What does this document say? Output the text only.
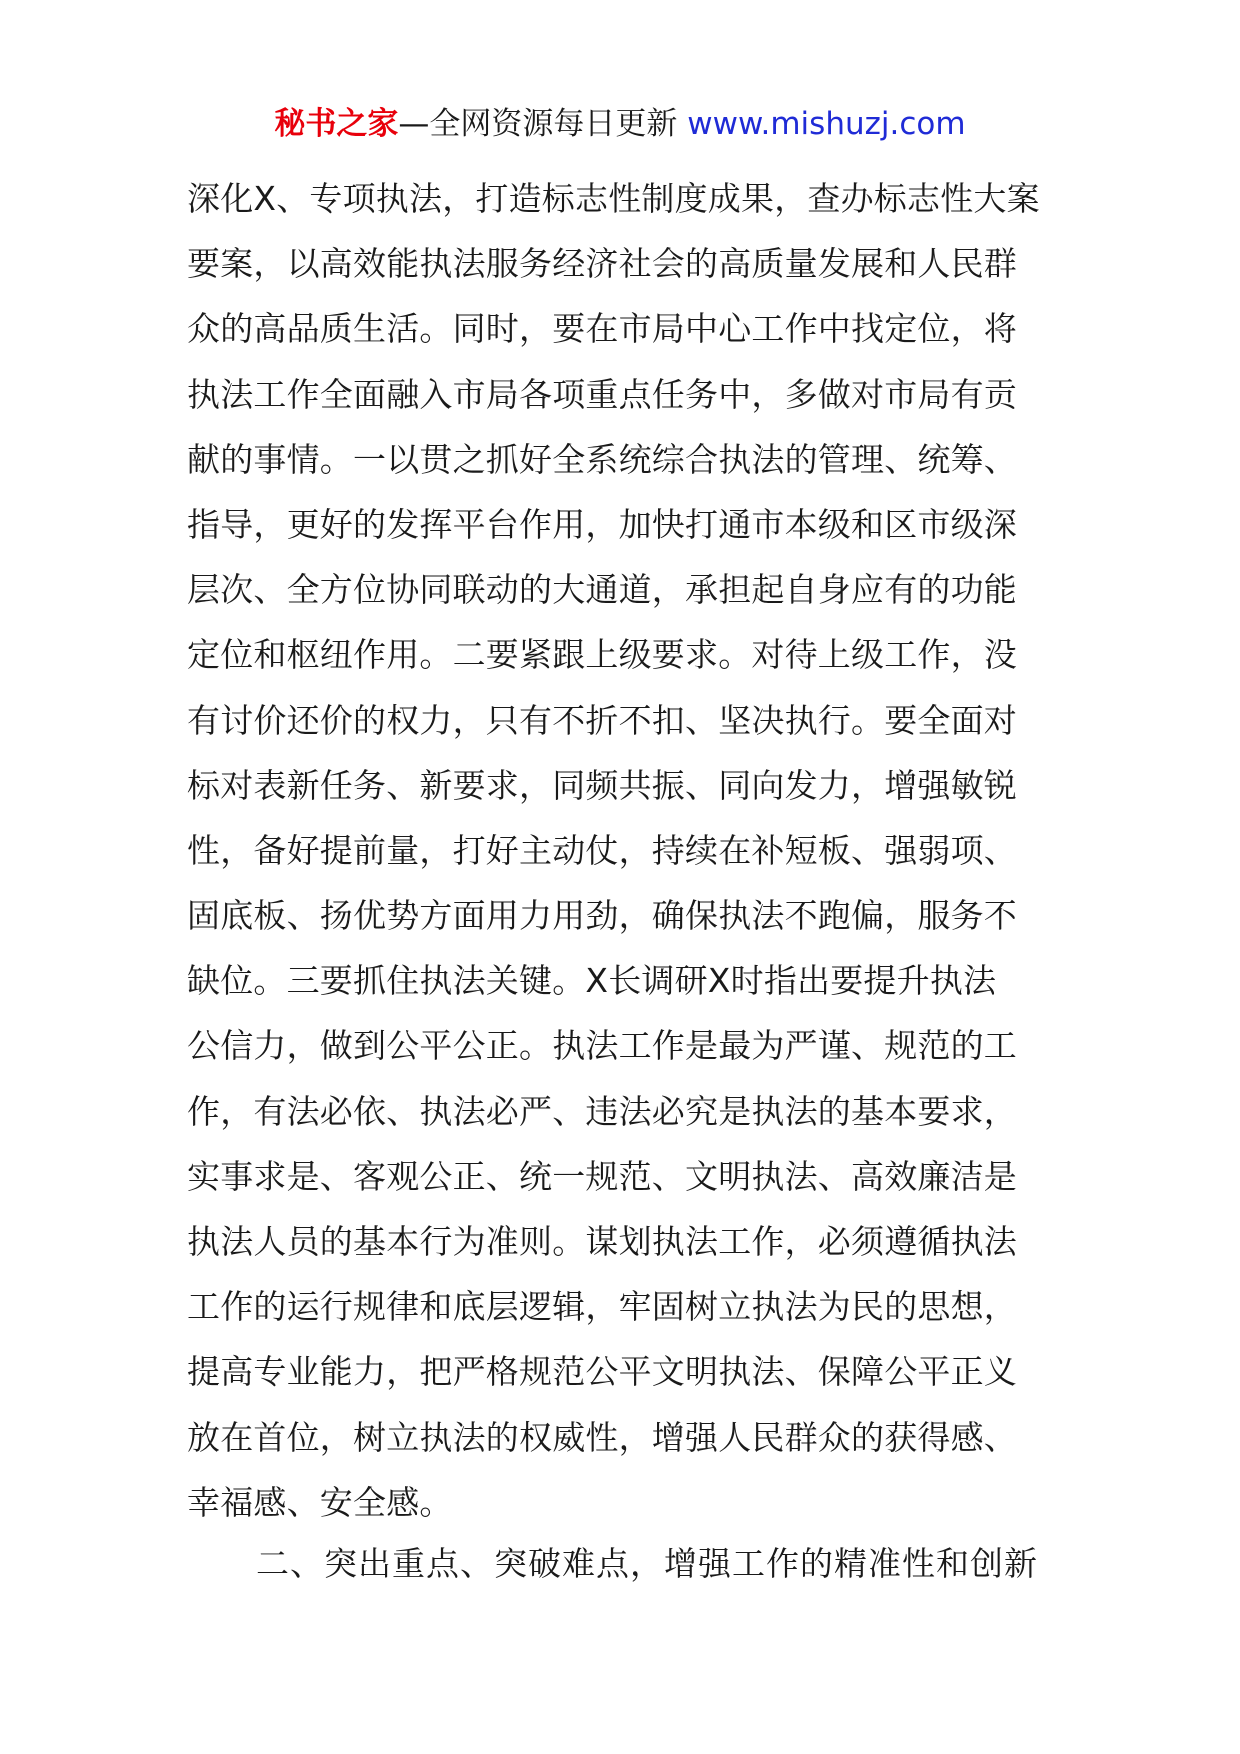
秘书之家—全网资源每日更新 www.mishuzj.com
深化X、专项执法，打造标志性制度成果，查办标志性大案
要案，以高效能执法服务经济社会的高质量发展和人民群
众的高品质生活。同时，要在市局中心工作中找定位，将
执法工作全面融入市局各项重点任务中，多做对市局有贡
献的事情。一以贯之抓好全系统综合执法的管理、统筹、
指导，更好的发挥平台作用，加快打通市本级和区市级深
层次、全方位协同联动的大通道，承担起自身应有的功能
定位和枢纽作用。二要紧跟上级要求。对待上级工作，没
有讨价还价的权力，只有不折不扣、坚决执行。要全面对
标对表新任务、新要求，同频共振、同向发力，增强敏锐
性，备好提前量，打好主动仗，持续在补短板、强弱项、
固底板、扬优势方面用力用劲，确保执法不跑偏，服务不
缺位。三要抓住执法关键。X长调研X时指出要提升执法
公信力，做到公平公正。执法工作是最为严谨、规范的工
作，有法必依、执法必严、违法必究是执法的基本要求，
实事求是、客观公正、统一规范、文明执法、高效廉洁是
执法人员的基本行为准则。谋划执法工作，必须遵循执法
工作的运行规律和底层逻辑，牢固树立执法为民的思想，
提高专业能力，把严格规范公平文明执法、保障公平正义
放在首位，树立执法的权威性，增强人民群众的获得感、
幸福感、安全感。
二、突出重点、突破难点，增强工作的精准性和创新
